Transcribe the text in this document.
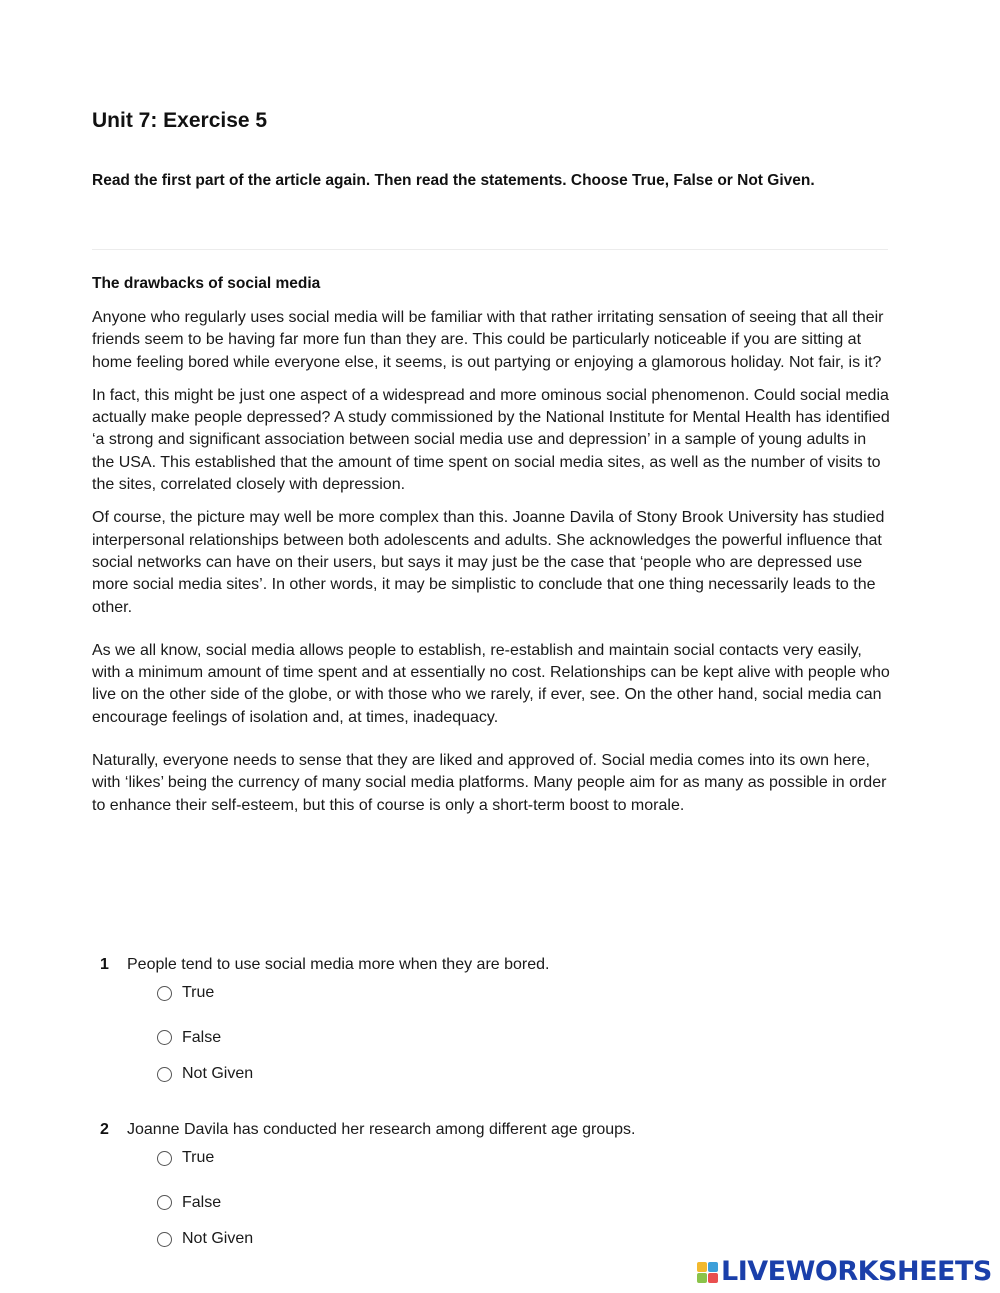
Unit 7: Exercise 5

Read the first part of the article again. Then read the statements. Choose True, False or Not Given.

The drawbacks of social media

Anyone who regularly uses social media will be familiar with that rather irritating sensation of seeing that all their friends seem to be having far more fun than they are. This could be particularly noticeable if you are sitting at home feeling bored while everyone else, it seems, is out partying or enjoying a glamorous holiday. Not fair, is it?

In fact, this might be just one aspect of a widespread and more ominous social phenomenon. Could social media actually make people depressed? A study commissioned by the National Institute for Mental Health has identified ‘a strong and significant association between social media use and depression’ in a sample of young adults in the USA. This established that the amount of time spent on social media sites, as well as the number of visits to the sites, correlated closely with depression.

Of course, the picture may well be more complex than this. Joanne Davila of Stony Brook University has studied interpersonal relationships between both adolescents and adults. She acknowledges the powerful influence that social networks can have on their users, but says it may just be the case that ‘people who are depressed use more social media sites’. In other words, it may be simplistic to conclude that one thing necessarily leads to the other.

As we all know, social media allows people to establish, re-establish and maintain social contacts very easily, with a minimum amount of time spent and at essentially no cost. Relationships can be kept alive with people who live on the other side of the globe, or with those who we rarely, if ever, see. On the other hand, social media can encourage feelings of isolation and, at times, inadequacy.

Naturally, everyone needs to sense that they are liked and approved of. Social media comes into its own here, with ‘likes’ being the currency of many social media platforms. Many people aim for as many as possible in order to enhance their self-esteem, but this of course is only a short-term boost to morale.

1	People tend to use social media more when they are bored.
True
False
Not Given
2	Joanne Davila has conducted her research among different age groups.
True
False
Not Given
LIVEWORKSHEETS
